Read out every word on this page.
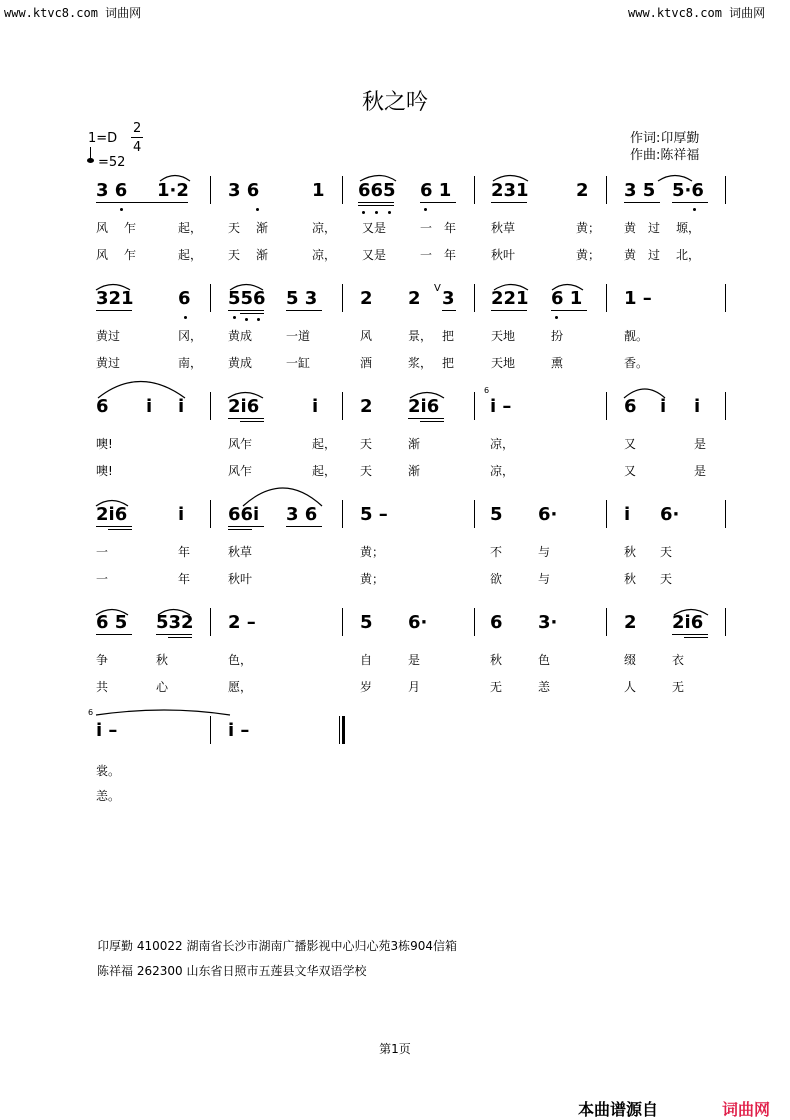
www.ktvc8.com 词曲网	www.ktvc8.com 词曲网
秋之吟
1=D
2
4
=52
作词:卬厚勤
作曲:陈祥福
3 6 1·2 3 6	1 665 6 1 231	2 3 5 5·6
风 乍	起， 天 渐	凉， 又是	一 年	秋草	黄； 黄 过 塬，
风 乍	起， 天 渐	凉， 又是	一 年	秋叶	黄； 黄 过 北，
321 6 556 5 3 2 2 3
V	221 6 1 1 –
黄过	冈， 黄成	一道	风	景， 把	天地	扮	靓。
黄过	南， 黄成	一缸	酒	浆， 把	天地	熏	香。
6 i i 2i6	i 2 2i6
6
i –	6 i i
噢!	风乍	起， 天	渐	凉，	又	是
噢!	风乍	起， 天	渐	凉，	又	是
2i6	i 66i 3 6 5 –	5 6·	i 6·
一	年	秋草	黄；	不	与	秋 天
一	年	秋叶	黄；	欲	与	秋 天
6 5 532 2 –	5 6·	6 3·	2 2i6
争	秋	色，	自	是	秋	色	缀	衣
共	心	愿，	岁	月	无	恙	人	无
6
i –	i –
裳。
恙。
卬厚勤 410022 湖南省长沙市湖南广播影视中心归心苑3栋904信箱
陈祥福 262300 山东省日照市五莲县文华双语学校
第1页
本曲谱源自	词曲网
